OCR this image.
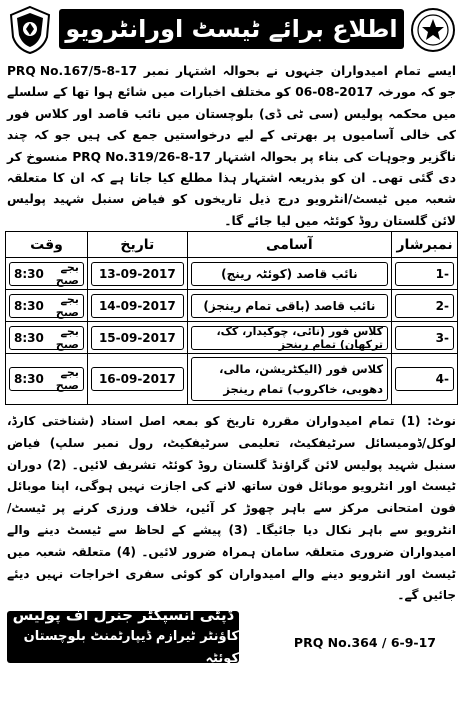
اطلاع برائے ٹیسٹ اورانٹرویو
ایسے تمام امیدواران جنہوں نے بحوالہ اشتہار نمبر PRQ No.167/5-8-17 جو کہ مورخہ 06-08-2017 کو مختلف اخبارات میں شائع ہوا تھا کے سلسلے میں محکمہ پولیس (سی ٹی ڈی) بلوچستان میں نائب قاصد اور کلاس فور کی خالی آسامیوں پر بھرتی کے لیے درخواستیں جمع کی ہیں جو کہ چند ناگزیر وجوہات کی بناء پر بحوالہ اشتہار PRQ No.319/26-8-17 منسوخ کر دی گئی تھی۔ ان کو بذریعہ اشتہار ہذا مطلع کیا جاتا ہے کہ ان کا متعلقہ شعبہ میں ٹیسٹ/انٹرویو درج ذیل تاریخوں کو فیاض سنبل شہید پولیس لائن گلستان روڈ کوئٹہ میں لیا جائے گا۔
نمبرشار	آسامی	تاریخ	وقت

1-	نائب قاصد (کوئٹہ رینج)	13-09-2017	8:30 بجے صبح

2-	نائب قاصد (باقی تمام رینجز)	14-09-2017	8:30 بجے صبح

3-	کلاس فور (نائی، چوکیدار، کک، ترکھان) تمام رینجز	15-09-2017	8:30 بجے صبح

4-	کلاس فور (الیکٹریشن، مالی، دھوبی، خاکروب) تمام رینجز	16-09-2017	8:30 بجے صبح
نوٹ: (1) تمام امیدواران مقررہ تاریخ کو بمعہ اصل اسناد (شناختی کارڈ، لوکل/ڈومیسائل سرٹیفکیٹ، تعلیمی سرٹیفکیٹ، رول نمبر سلپ) فیاض سنبل شہید پولیس لائن گراؤنڈ گلستان روڈ کوئٹہ تشریف لائیں۔ (2) دوران ٹیسٹ اور انٹرویو موبائل فون ساتھ لانے کی اجازت نہیں ہوگی، اپنا موبائل فون امتحانی مرکز سے باہر چھوڑ کر آئیں، خلاف ورزی کرنے پر ٹیسٹ/انٹرویو سے باہر نکال دیا جائیگا۔ (3) پیشے کے لحاظ سے ٹیسٹ دینے والے امیدواران ضروری متعلقہ سامان ہمراہ ضرور لائیں۔ (4) متعلقہ شعبہ میں ٹیسٹ اور انٹرویو دینے والے امیدواران کو کوئی سفری اخراجات نہیں دیئے جائیں گے۔
ڈپٹی انسپکٹر جنرل آف پولیس
کاؤنٹر ٹیرازم ڈیپارٹمنٹ بلوچستان کوئٹہ
PRQ No.364 / 6-9-17
